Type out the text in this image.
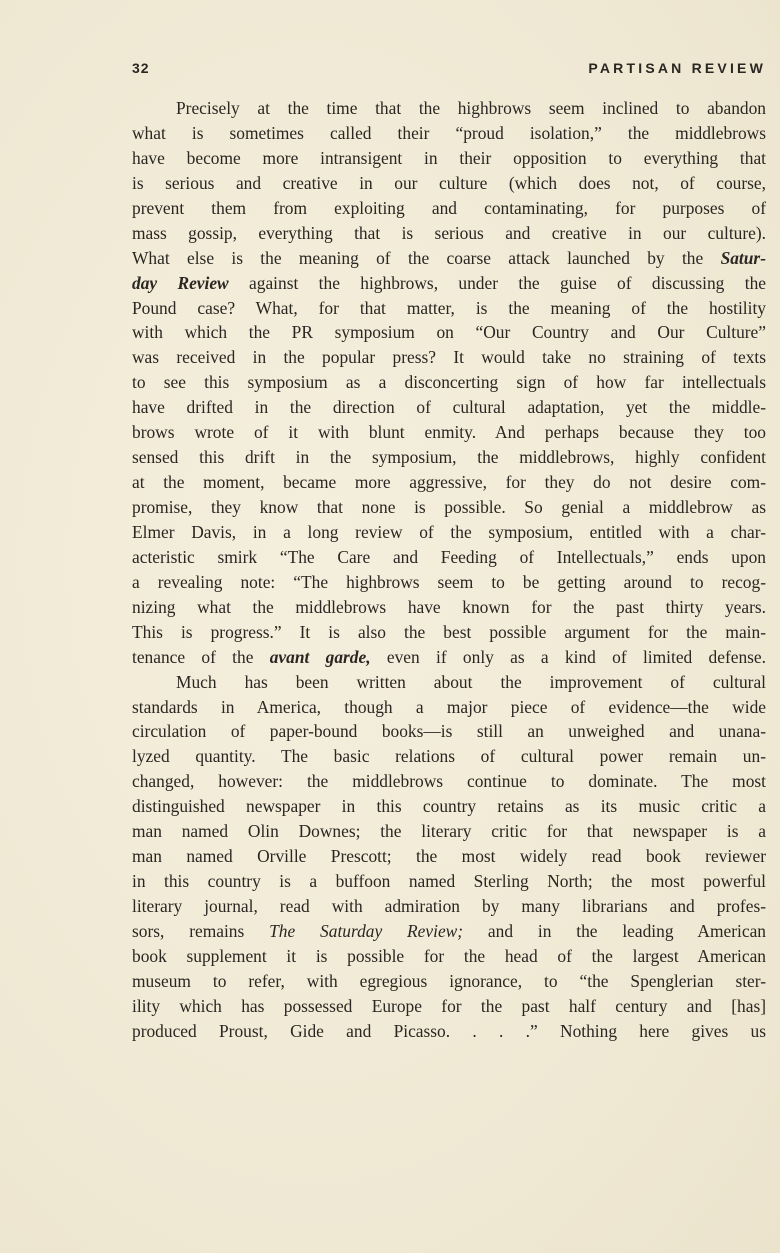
32	PARTISAN REVIEW
Precisely at the time that the highbrows seem inclined to abandon
what is sometimes called their “proud isolation,” the middlebrows
have become more intransigent in their opposition to everything that
is serious and creative in our culture (which does not, of course,
prevent them from exploiting and contaminating, for purposes of
mass gossip, everything that is serious and creative in our culture).
What else is the meaning of the coarse attack launched by the Satur-
day Review against the highbrows, under the guise of discussing the
Pound case? What, for that matter, is the meaning of the hostility
with which the PR symposium on “Our Country and Our Culture”
was received in the popular press? It would take no straining of texts
to see this symposium as a disconcerting sign of how far intellectuals
have drifted in the direction of cultural adaptation, yet the middle-
brows wrote of it with blunt enmity. And perhaps because they too
sensed this drift in the symposium, the middlebrows, highly confident
at the moment, became more aggressive, for they do not desire com-
promise, they know that none is possible. So genial a middlebrow as
Elmer Davis, in a long review of the symposium, entitled with a char-
acteristic smirk “The Care and Feeding of Intellectuals,” ends upon
a revealing note: “The highbrows seem to be getting around to recog-
nizing what the middlebrows have known for the past thirty years.
This is progress.” It is also the best possible argument for the main-
tenance of the avant garde, even if only as a kind of limited defense.
Much has been written about the improvement of cultural
standards in America, though a major piece of evidence—the wide
circulation of paper-bound books—is still an unweighed and unana-
lyzed quantity. The basic relations of cultural power remain un-
changed, however: the middlebrows continue to dominate. The most
distinguished newspaper in this country retains as its music critic a
man named Olin Downes; the literary critic for that newspaper is a
man named Orville Prescott; the most widely read book reviewer
in this country is a buffoon named Sterling North; the most powerful
literary journal, read with admiration by many librarians and profes-
sors, remains The Saturday Review; and in the leading American
book supplement it is possible for the head of the largest American
museum to refer, with egregious ignorance, to “the Spenglerian ster-
ility which has possessed Europe for the past half century and [has]
produced Proust, Gide and Picasso. . . .” Nothing here gives us
